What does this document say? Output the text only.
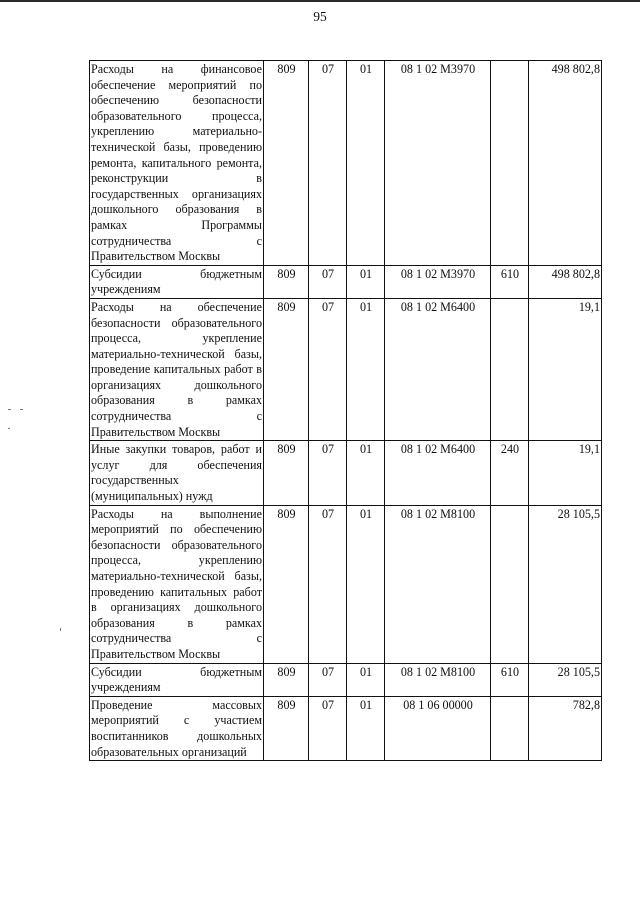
95
Расходы на финансовое обеспечение мероприятий по обеспечению безопасности образовательного процесса, укреплению материально-технической базы, проведению ремонта, капитального ремонта, реконструкции в государственных организациях дошкольного образования в рамках Программы сотрудничества с Правительством Москвы	809	07	01	08 1 02 М3970		498 802,8
Субсидии бюджетным учреждениям	809	07	01	08 1 02 М3970	610	498 802,8
Расходы на обеспечение безопасности образовательного процесса, укрепление материально-технической базы, проведение капитальных работ в организациях дошкольного образования в рамках сотрудничества с Правительством Москвы	809	07	01	08 1 02 М6400		19,1
Иные закупки товаров, работ и услуг для обеспечения государственных (муниципальных) нужд	809	07	01	08 1 02 М6400	240	19,1
Расходы на выполнение мероприятий по обеспечению безопасности образовательного процесса, укреплению материально-технической базы, проведению капитальных работ в организациях дошкольного образования в рамках сотрудничества с Правительством Москвы	809	07	01	08 1 02 М8100		28 105,5
Субсидии бюджетным учреждениям	809	07	01	08 1 02 М8100	610	28 105,5
Проведение массовых мероприятий с участием воспитанников дошкольных образовательных организаций	809	07	01	08 1 06 00000		782,8
